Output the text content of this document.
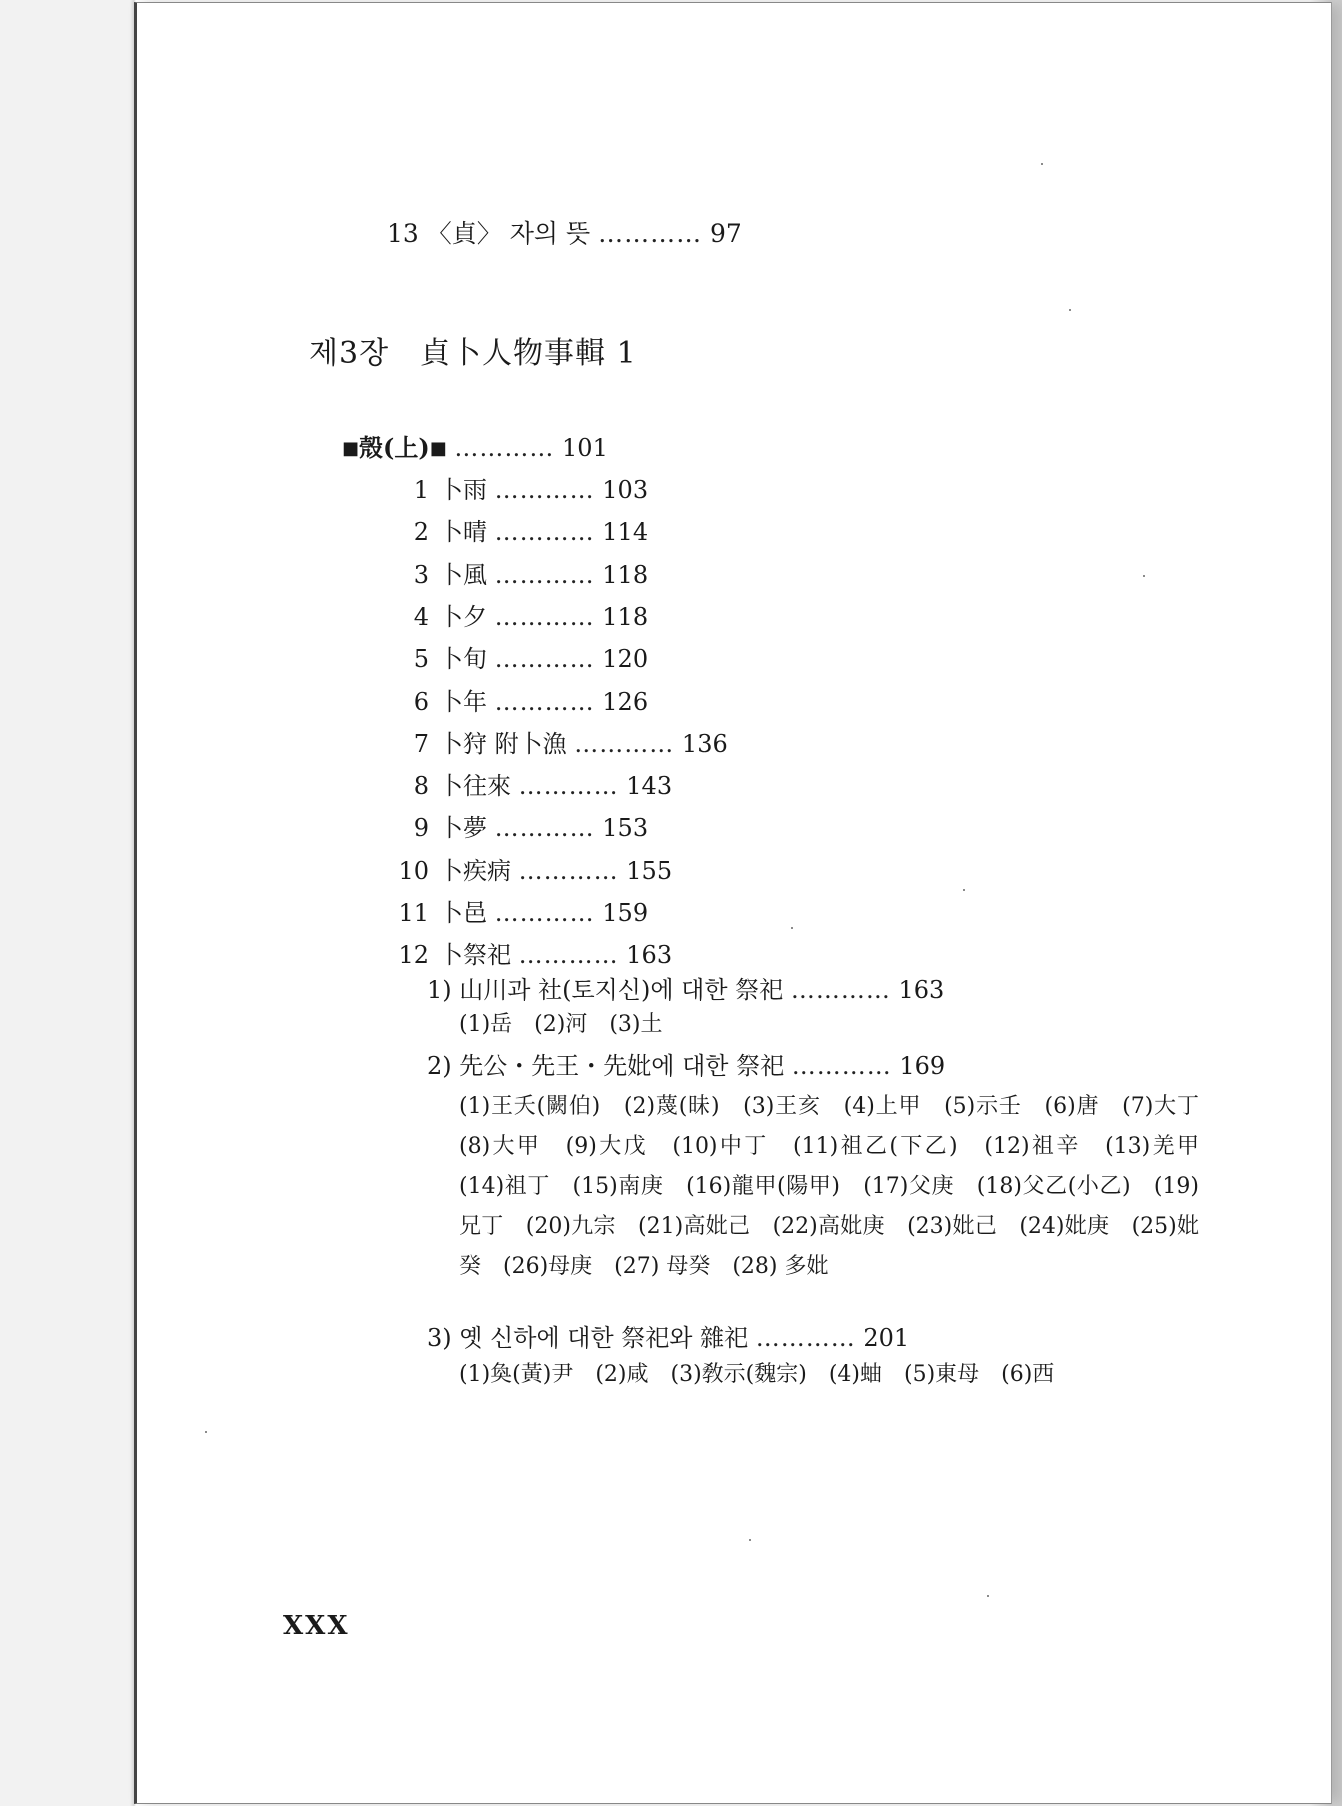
13 〈貞〉 자의 뜻 ………… 97
제3장　貞卜人物事輯 1
■殼(上)■ ………… 101
1 卜雨 ………… 103
2 卜晴 ………… 114
3 卜風 ………… 118
4 卜夕 ………… 118
5 卜旬 ………… 120
6 卜年 ………… 126
7 卜狩 附卜漁 ………… 136
8 卜往來 ………… 143
9 卜夢 ………… 153
10 卜疾病 ………… 155
11 卜邑 ………… 159
12 卜祭祀 ………… 163
1) 山川과 社(토지신)에 대한 祭祀 ………… 163
(1)岳　(2)河　(3)土
2) 先公・先王・先妣에 대한 祭祀 ………… 169
(1)王夭(闕伯)　(2)蔑(昧)　(3)王亥　(4)上甲　(5)示壬　(6)唐　(7)大丁　(8)大甲　(9)大戊　(10)中丁　(11)祖乙(下乙)　(12)祖辛　(13)羌甲　(14)祖丁　(15)南庚　(16)龍甲(陽甲)　(17)父庚　(18)父乙(小乙)　(19)兄丁　(20)九宗　(21)高妣己　(22)高妣庚　(23)妣己　(24)妣庚　(25)妣癸　(26)母庚　(27) 母癸　(28) 多妣
3) 옛 신하에 대한 祭祀와 雜祀 ………… 201
(1)奐(黃)尹　(2)咸　(3)敎示(魏宗)　(4)蚰　(5)東母　(6)西
XXX
